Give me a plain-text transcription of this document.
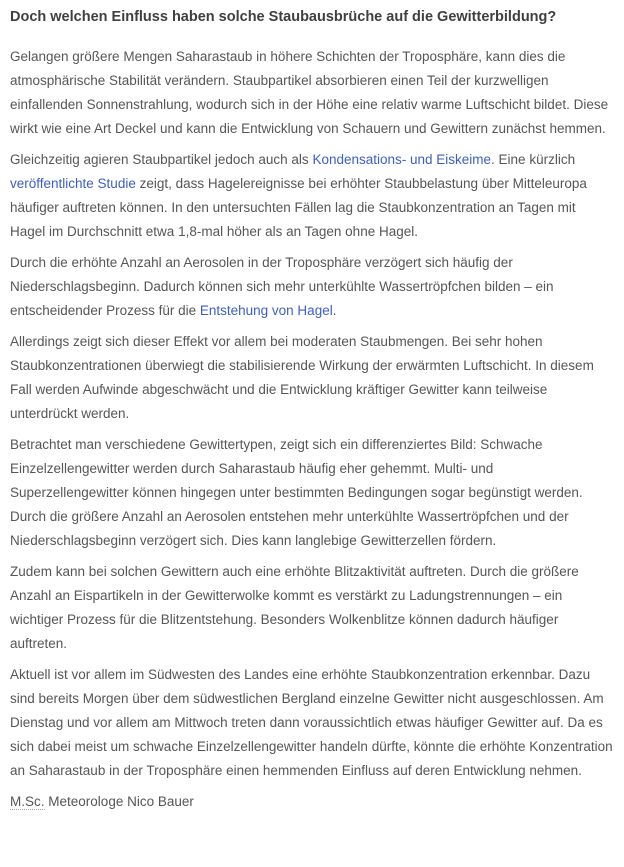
Doch welchen Einfluss haben solche Staubausbrüche auf die Gewitterbildung?

Gelangen größere Mengen Saharastaub in höhere Schichten der Troposphäre, kann dies die atmosphärische Stabilität verändern. Staubpartikel absorbieren einen Teil der kurzwelligen einfallenden Sonnenstrahlung, wodurch sich in der Höhe eine relativ warme Luftschicht bildet. Diese wirkt wie eine Art Deckel und kann die Entwicklung von Schauern und Gewittern zunächst hemmen.

Gleichzeitig agieren Staubpartikel jedoch auch als Kondensations- und Eiskeime. Eine kürzlich veröffentlichte Studie zeigt, dass Hagelereignisse bei erhöhter Staubbelastung über Mitteleuropa häufiger auftreten können. In den untersuchten Fällen lag die Staubkonzentration an Tagen mit Hagel im Durchschnitt etwa 1,8-mal höher als an Tagen ohne Hagel.

Durch die erhöhte Anzahl an Aerosolen in der Troposphäre verzögert sich häufig der Niederschlagsbeginn. Dadurch können sich mehr unterkühlte Wassertröpfchen bilden – ein entscheidender Prozess für die Entstehung von Hagel.

Allerdings zeigt sich dieser Effekt vor allem bei moderaten Staubmengen. Bei sehr hohen Staubkonzentrationen überwiegt die stabilisierende Wirkung der erwärmten Luftschicht. In diesem Fall werden Aufwinde abgeschwächt und die Entwicklung kräftiger Gewitter kann teilweise unterdrückt werden.

Betrachtet man verschiedene Gewittertypen, zeigt sich ein differenziertes Bild: Schwache Einzelzellengewitter werden durch Saharastaub häufig eher gehemmt. Multi- und Superzellengewitter können hingegen unter bestimmten Bedingungen sogar begünstigt werden. Durch die größere Anzahl an Aerosolen entstehen mehr unterkühlte Wassertröpfchen und der Niederschlagsbeginn verzögert sich. Dies kann langlebige Gewitterzellen fördern.

Zudem kann bei solchen Gewittern auch eine erhöhte Blitzaktivität auftreten. Durch die größere Anzahl an Eispartikeln in der Gewitterwolke kommt es verstärkt zu Ladungstrennungen – ein wichtiger Prozess für die Blitzentstehung. Besonders Wolkenblitze können dadurch häufiger auftreten.

Aktuell ist vor allem im Südwesten des Landes eine erhöhte Staubkonzentration erkennbar. Dazu sind bereits Morgen über dem südwestlichen Bergland einzelne Gewitter nicht ausgeschlossen. Am Dienstag und vor allem am Mittwoch treten dann voraussichtlich etwas häufiger Gewitter auf. Da es sich dabei meist um schwache Einzelzellengewitter handeln dürfte, könnte die erhöhte Konzentration an Saharastaub in der Troposphäre einen hemmenden Einfluss auf deren Entwicklung nehmen.

M.Sc. Meteorologe Nico Bauer
